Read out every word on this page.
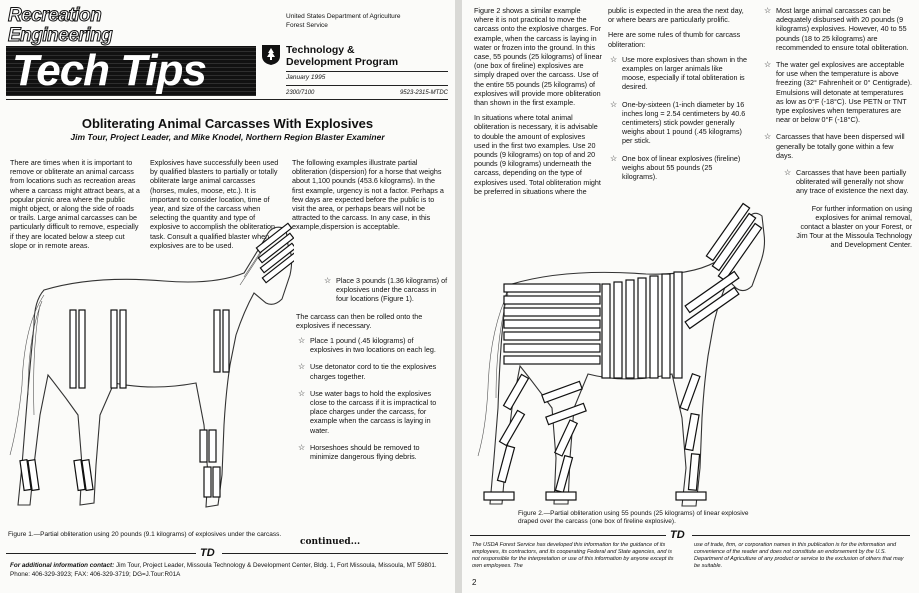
Recreation
Engineering
Tech Tips
United States Department of Agriculture
Forest Service
Technology &
Development Program
January 1995
2300/7100	9523-2315-MTDC
Obliterating Animal Carcasses With Explosives
Jim Tour, Project Leader, and Mike Knodel, Northern Region Blaster Examiner

There are times when it is important to remove or obliterate an animal carcass from locations such as recreation areas where a carcass might attract bears, at a popular picnic area where the public might object, or along the side of roads or trails. Large animal carcasses can be particularly difficult to remove, especially if they are located below a steep cut slope or in remote areas.

Explosives have successfully been used by qualified blasters to partially or totally obliterate large animal carcasses (horses, mules, moose, etc.). It is important to consider location, time of year, and size of the carcass when selecting the quantity and type of explosive to accomplish the obliteration task. Consult a qualified blaster when explosives are to be used.

The following examples illustrate partial obliteration (dispersion) for a horse that weighs about 1,100 pounds (453.6 kilograms). In the first example, urgency is not a factor. Perhaps a few days are expected before the public is to visit the area, or perhaps bears will not be attracted to the carcass. In any case, in this example,dispersion is acceptable.

☆ Place 3 pounds (1.36 kilograms) of explosives under the carcass in four locations (Figure 1).

The carcass can then be rolled onto the explosives if necessary.

☆ Place 1 pound (.45 kilograms) of explosives in two locations on each leg.
☆ Use detonator cord to tie the explosives charges together.
☆ Use water bags to hold the explosives close to the carcass if it is impractical to place charges under the carcass, for example when the carcass is laying in water.
☆ Horseshoes should be removed to minimize dangerous flying debris.
Figure 1.—Partial obliteration using 20 pounds (9.1 kilograms) of explosives under the carcass.
continued...
TD
For additional information contact: Jim Tour, Project Leader, Missoula Technology & Development Center, Bldg. 1, Fort Missoula, Missoula, MT 59801. Phone: 406-329-3923; FAX: 406-329-3719; DG=J.Tour:R01A

Figure 2 shows a similar example where it is not practical to move the carcass onto the explosive charges. For example, when the carcass is laying in water or frozen into the ground. In this case, 55 pounds (25 kilograms) of linear (one box of fireline) explosives are simply draped over the carcass. Use of the entire 55 pounds (25 kilograms) of explosives will provide more obliteration than shown in the first example.

In situations where total animal obliteration is necessary, it is advisable to double the amount of explosives used in the first two examples. Use 20 pounds (9 kilograms) on top of and 20 pounds (9 kilograms) underneath the carcass, depending on the type of explosives used. Total obliteration might be preferred in situations where the

public is expected in the area the next day, or where bears are particularly prolific.

Here are some rules of thumb for carcass obliteration:

☆ Use more explosives than shown in the examples on larger animals like moose, especially if total obliteration is desired.
☆ One-by-sixteen (1-inch diameter by 16 inches long = 2.54 centimeters by 40.6 centimeters) stick powder generally weighs about 1 pound (.45 kilograms) per stick.
☆ One box of linear explosives (fireline) weighs about 55 pounds (25 kilograms).
☆ Most large animal carcasses can be adequately disbursed with 20 pounds (9 kilograms) explosives. However, 40 to 55 pounds (18 to 25 kilograms) are recommended to ensure total obliteration.
☆ The water gel explosives are acceptable for use when the temperature is above freezing (32° Fahrenheit or 0° Centigrade). Emulsions will detonate at temperatures as low as 0°F (-18°C). Use PETN or TNT type explosives when temperatures are near or below 0°F (-18°C).
☆ Carcasses that have been dispersed will generally be totally gone within a few days.
☆ Carcasses that have been partially obliterated will generally not show any trace of existence the next day.

For further information on using explosives for animal removal, contact a blaster on your Forest, or Jim Tour at the Missoula Technology and Development Center.

Figure 2.—Partial obliteration using 55 pounds (25 kilograms) of linear explosive draped over the carcass (one box of fireline explosive).
TD
The USDA Forest Service has developed this information for the guidance of its employees, its contractors, and its cooperating Federal and State agencies, and is not responsible for the interpretation or use of this information by anyone except its own employees. The
use of trade, firm, or corporation names in this publication is for the information and convenience of the reader and does not constitute an endorsement by the U.S. Department of Agriculture of any product or service to the exclusion of others that may be suitable.
2
